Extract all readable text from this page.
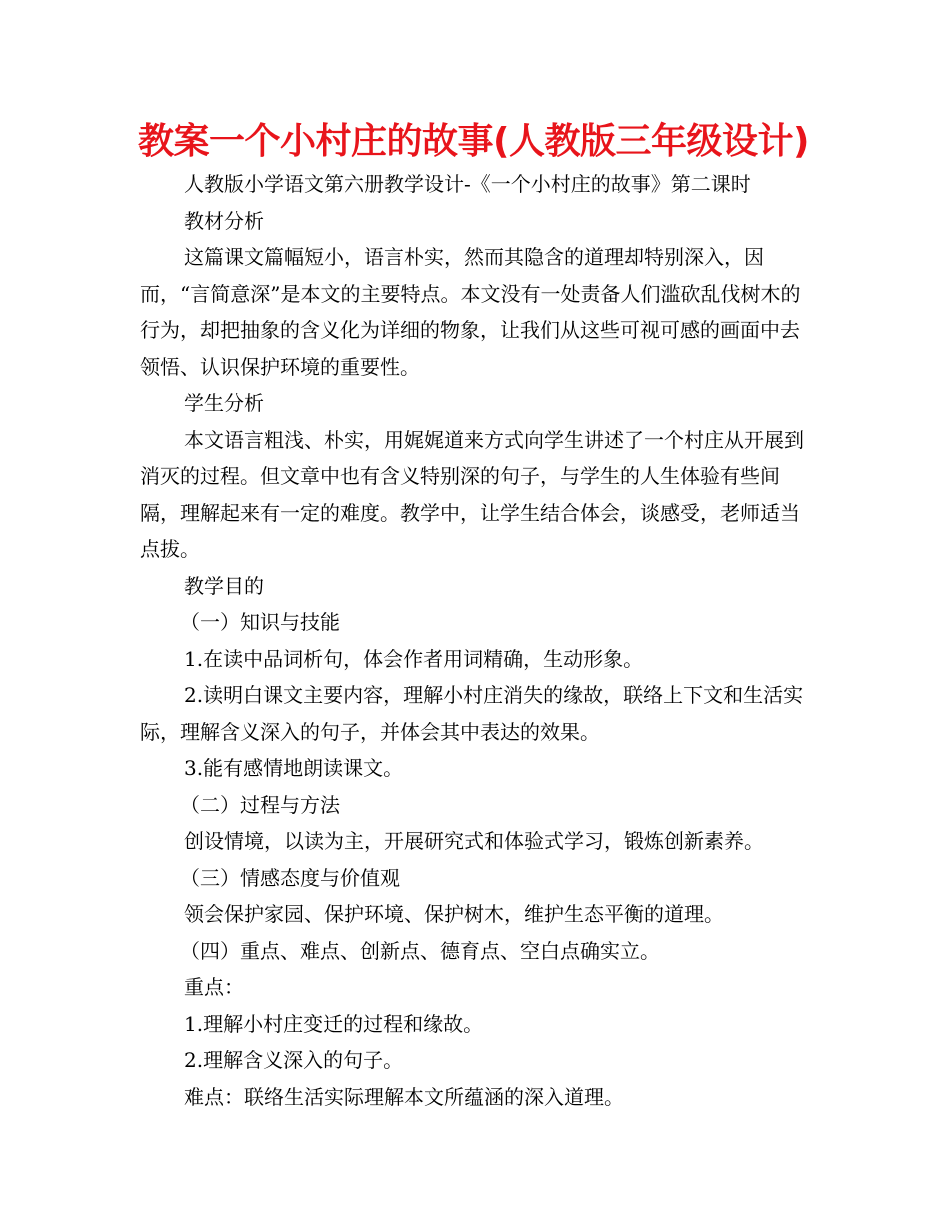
教案一个小村庄的故事(人教版三年级设计)

人教版小学语文第六册教学设计-《一个小村庄的故事》第二课时

教材分析

这篇课文篇幅短小，语言朴实，然而其隐含的道理却特别深入，因而，“言简意深”是本文的主要特点。本文没有一处责备人们滥砍乱伐树木的行为，却把抽象的含义化为详细的物象，让我们从这些可视可感的画面中去领悟、认识保护环境的重要性。

学生分析

本文语言粗浅、朴实，用娓娓道来方式向学生讲述了一个村庄从开展到消灭的过程。但文章中也有含义特别深的句子，与学生的人生体验有些间隔，理解起来有一定的难度。教学中，让学生结合体会，谈感受，老师适当点拔。

教学目的

（一）知识与技能

1.在读中品词析句，体会作者用词精确，生动形象。

2.读明白课文主要内容，理解小村庄消失的缘故，联络上下文和生活实际，理解含义深入的句子，并体会其中表达的效果。

3.能有感情地朗读课文。

（二）过程与方法

创设情境，以读为主，开展研究式和体验式学习，锻炼创新素养。

（三）情感态度与价值观

领会保护家园、保护环境、保护树木，维护生态平衡的道理。

（四）重点、难点、创新点、德育点、空白点确实立。

重点：

1.理解小村庄变迁的过程和缘故。

2.理解含义深入的句子。

难点：联络生活实际理解本文所蕴涵的深入道理。
